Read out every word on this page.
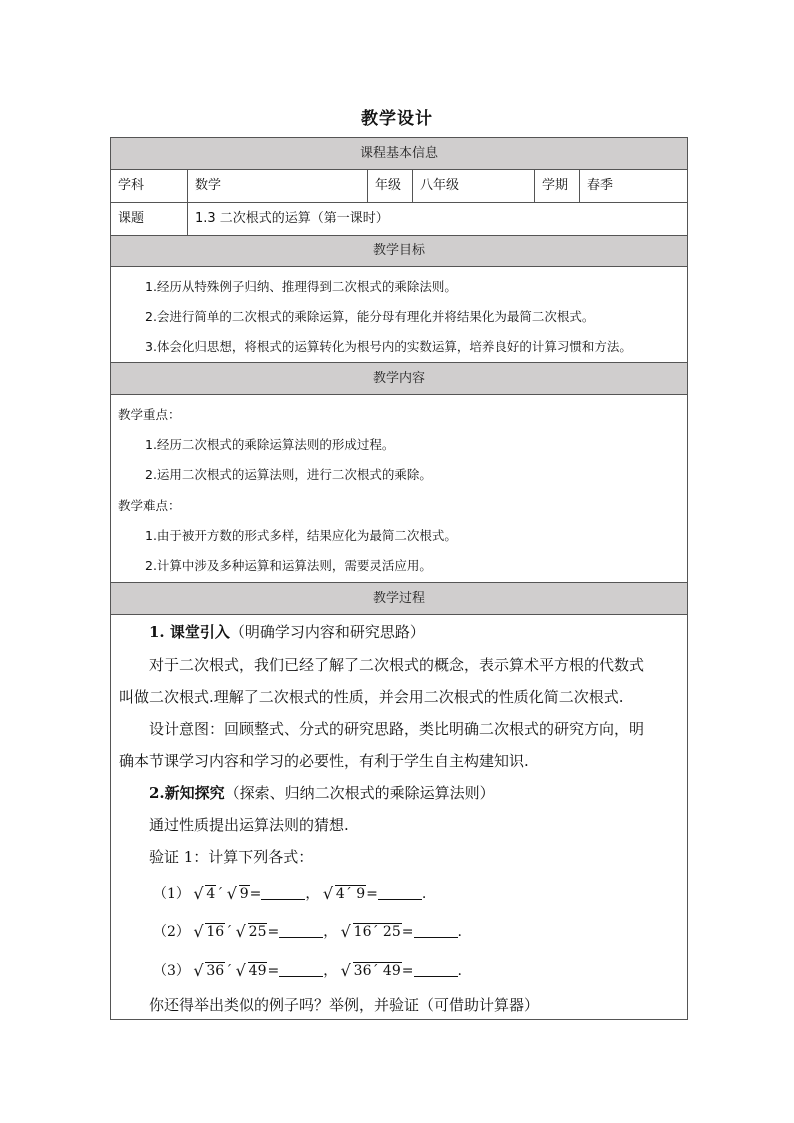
教学设计
课程基本信息
学科	数学	年级	八年级	学期	春季
课题	1.3 二次根式的运算（第一课时）
教学目标
1.经历从特殊例子归纳、推理得到二次根式的乘除法则。
2.会进行简单的二次根式的乘除运算，能分母有理化并将结果化为最简二次根式。
3.体会化归思想，将根式的运算转化为根号内的实数运算，培养良好的计算习惯和方法。
教学内容
教学重点：
1.经历二次根式的乘除运算法则的形成过程。
2.运用二次根式的运算法则，进行二次根式的乘除。
教学难点：
1.由于被开方数的形式多样，结果应化为最简二次根式。
2.计算中涉及多种运算和运算法则，需要灵活应用。
教学过程
1. 课堂引入（明确学习内容和研究思路）
对于二次根式，我们已经了解了二次根式的概念，表示算术平方根的代数式
叫做二次根式.理解了二次根式的性质，并会用二次根式的性质化简二次根式.
设计意图：回顾整式、分式的研究思路，类比明确二次根式的研究方向，明
确本节课学习内容和学习的必要性，有利于学生自主构建知识.
2.新知探究（探索、归纳二次根式的乘除运算法则）
通过性质提出运算法则的猜想.
验证 1：计算下列各式：
（1） √ 4´ √ 9=	， √ 4´ 9=	.
（2） √ 16´ √ 25=	， √ 16´ 25=	.
（3） √ 36´ √ 49=	， √ 36´ 49=	.
你还得举出类似的例子吗？举例，并验证（可借助计算器）
